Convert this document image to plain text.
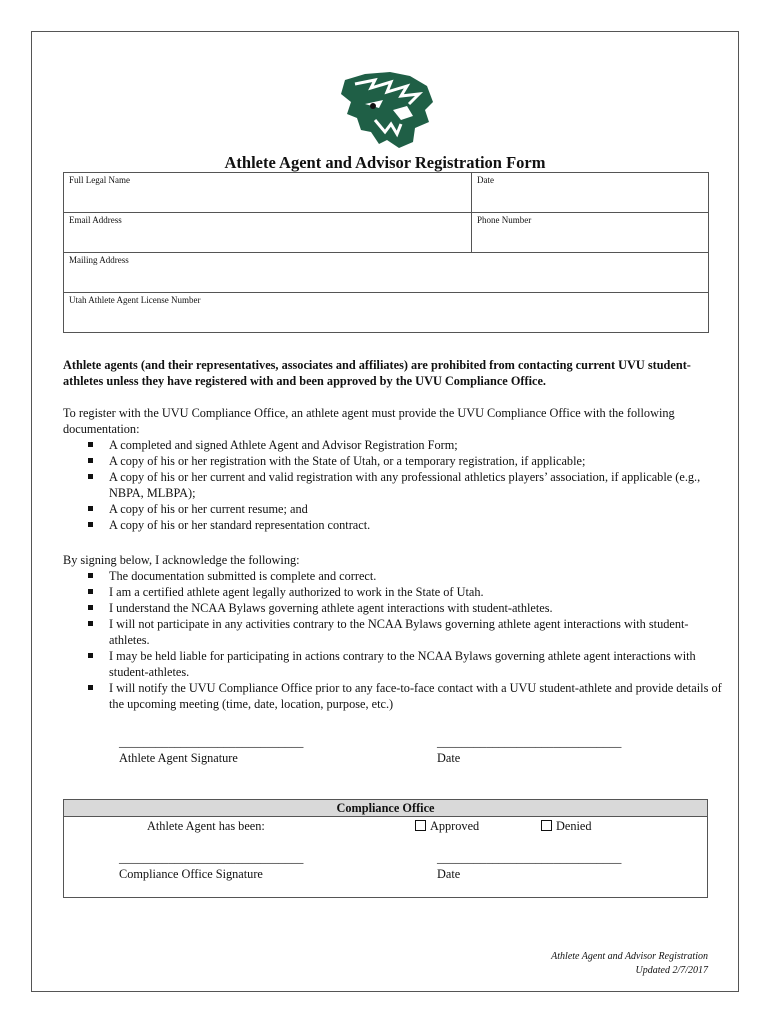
Athlete Agent and Advisor Registration Form
Full Legal Name	Date
Email Address	Phone Number
Mailing Address	
Utah Athlete Agent License Number	
Athlete agents (and their representatives, associates and affiliates) are prohibited from contacting current UVU student-athletes unless they have registered with and been approved by the UVU Compliance Office.
To register with the UVU Compliance Office, an athlete agent must provide the UVU Compliance Office with the following documentation:
A completed and signed Athlete Agent and Advisor Registration Form;
A copy of his or her registration with the State of Utah, or a temporary registration, if applicable;
A copy of his or her current and valid registration with any professional athletics players’ association, if applicable (e.g., NBPA, MLBPA);
A copy of his or her current resume; and
A copy of his or her standard representation contract.
By signing below, I acknowledge the following:
The documentation submitted is complete and correct.
I am a certified athlete agent legally authorized to work in the State of Utah.
I understand the NCAA Bylaws governing athlete agent interactions with student-athletes.
I will not participate in any activities contrary to the NCAA Bylaws governing athlete agent interactions with student-athletes.
I may be held liable for participating in actions contrary to the NCAA Bylaws governing athlete agent interactions with student-athletes.
I will notify the UVU Compliance Office prior to any face-to-face contact with a UVU student-athlete and provide details of the upcoming meeting (time, date, location, purpose, etc.)
______________________________
Athlete Agent Signature
______________________________
Date
Compliance Office
Athlete Agent has been:	Approved	Denied
______________________________
Compliance Office Signature
______________________________
Date
Athlete Agent and Advisor Registration
Updated 2/7/2017
